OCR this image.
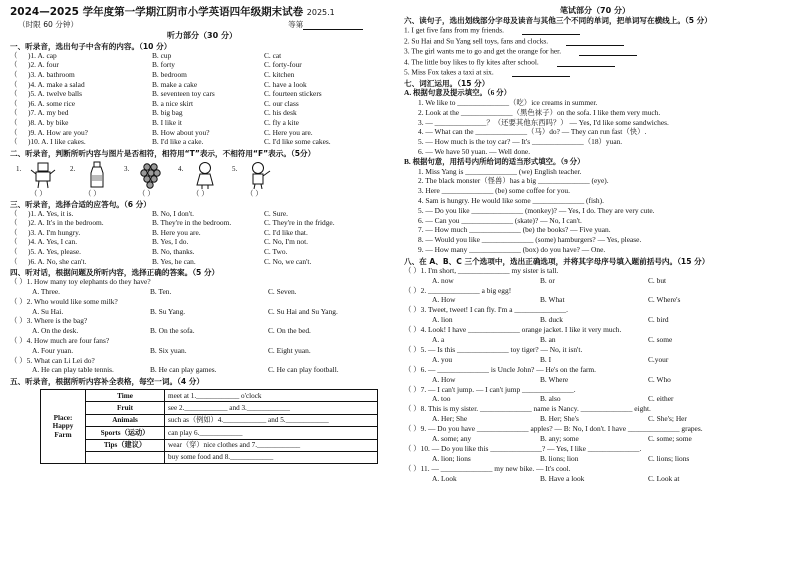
2024—2025 学年度第一学期江阴市小学英语四年级期末试卷 2025.1
（时限 60 分钟）	等第
听力部分（30 分）
一、听录音，选出句子中含有的内容。（10 分）
（	)1. A. cap	B. cup	C. cat
（	)2. A. four	B. forty	C. forty-four
（	)3. A. bathroom	B. bedroom	C. kitchen
（	)4. A. make a salad	B. make a cake	C. have a look
（	)5. A. twelve balls	B. seventeen toy cars	C. fourteen stickers
（	)6. A. some rice	B. a nice skirt	C. our class
（	)7. A. my bed	B. big bag	C. his desk
（	)8. A. by bike	B. I like it	C. fly a kite
（	)9. A. How are you?	B. How about you?	C. Here you are.
（	)10. A. I like cakes.	B. I'd like a cake.	C. I'd like some cakes.
二、听录音，判断所听内容与图片是否相符，相符用“T”表示，不相符用“F”表示。（5分）
1.
（ ）
2.
（ ）
3.
（ ）
4.
（ ）
5.
（ ）
三、听录音，选择合适的应答句。（6 分）
（	)1. A. Yes, it is.	B. No, I don't.	C. Sure.
（	)2. A. It's in the bedroom.	B. They're in the bedroom.	C. They're in the fridge.
（	)3. A. I'm hungry.	B. Here you are.	C. I'd like that.
（	)4. A. Yes, I can.	B. Yes, I do.	C. No, I'm not.
（	)5. A. Yes, please.	B. No, thanks.	C. Two.
（	)6. A. No, she can't.	B. Yes, he can.	C. No, we can't.
四、听对话，根据问题及所听内容，选择正确的答案。（5 分）
（ ）1. How many toy elephants do they have?
A. Three.	B. Ten.	C. Seven.
（ ）2. Who would like some milk?
A. Su Hai.	B. Su Yang.	C. Su Hai and Su Yang.
（ ）3. Where is the bag?
A. On the desk.	B. On the sofa.	C. On the bed.
（ ）4. How much are four fans?
A. Four yuan.	B. Six yuan.	C. Eight yuan.
（ ）5. What can Li Lei do?
A. He can play table tennis.	B. He can play games.	C. He can play football.
五、听录音，根据所听内容补全表格，每空一词。（4 分）
Place:
Happy
Farm	Time	meet at 1.____________ o'clock
	Fruit	see 2.____________ and 3.____________
	Animals	such as（例如）4.____________ and 5.____________
	Sports（运动）	can play 6.____________
	Tips（建议）	wear（穿）nice clothes and 7.____________
		buy some food and 8.____________
笔试部分（70 分）
六、读句子，选出划线部分字母及读音与其他三个不同的单词，把单词写在横线上。（5 分）
1. I get five fans from my friends.
2. Su Hai and Su Yang sell toys, fans and clocks.
3. The girl wants me to go and get the orange for her.
4. The little boy likes to fly kites after school.
5. Miss Fox takes a taxi at six.
七、词汇运用。（15 分）
A. 根据句意及提示填空。（6 分）
1. We like to ______________（吃）ice creams in summer.
2. Look at the ______________（黑色袜子）on the sofa. I like them very much.
3. — ______________？（还要其他东西吗？） — Yes, I'd like some sandwiches.
4. — What can the ______________（马）do? — They can run fast（快）.
5. — How much is the toy car? — It's ______________（18）yuan.
6. — We have 50 yuan. — Well done.
B. 根据句意，用括号内所给词的适当形式填空。（9 分）
1. Miss Yang is ______________ (we) English teacher.
2. The black monster（怪兽）has a big ______________ (eye).
3. Here ______________ (be) some coffee for you.
4. Sam is hungry. He would like some ______________ (fish).
5. — Do you like ______________ (monkey)? — Yes, I do. They are very cute.
6. — Can you ______________ (skate)? — No, I can't.
7. — How much ______________ (be) the books? — Five yuan.
8. — Would you like ______________ (some) hamburgers? — Yes, please.
9. — How many ______________ (box) do you have? — One.
八、在 A、B、C 三个选项中，选出正确选项，并将其字母序号填入题前括号内。（15 分）
（ ）1. I'm short, ______________ my sister is tall.
A. now	B. or	C. but
（ ）2. ______________ a big egg!
A. How	B. What	C. Where's
（ ）3. Tweet, tweet! I can fly. I'm a ______________.
A. lion	B. duck	C. bird
（ ）4. Look! I have ______________ orange jacket. I like it very much.
A. a	B. an	C. some
（ ）5. — Is this ______________ toy tiger? — No, it isn't.
A. you	B. I	C.your
（ ）6. — ______________ is Uncle John? — He's on the farm.
A. How	B. Where	C. Who
（ ）7. — I can't jump. — I can't jump ______________.
A. too	B. also	C. either
（ ）8. This is my sister. ______________ name is Nancy. ______________ eight.
A. Her; She	B. Her; She's	C. She's; Her
（ ）9. — Do you have ______________ apples? — B: No, I don't. I have ______________ grapes.
A. some; any	B. any; some	C. some; some
（ ）10. — Do you like this ______________? — Yes, I like ______________.
A. lion; lions	B. lions; lion	C. lions; lions
（ ）11. — ______________ my new bike. — It's cool.
A. Look	B. Have a look	C. Look at
